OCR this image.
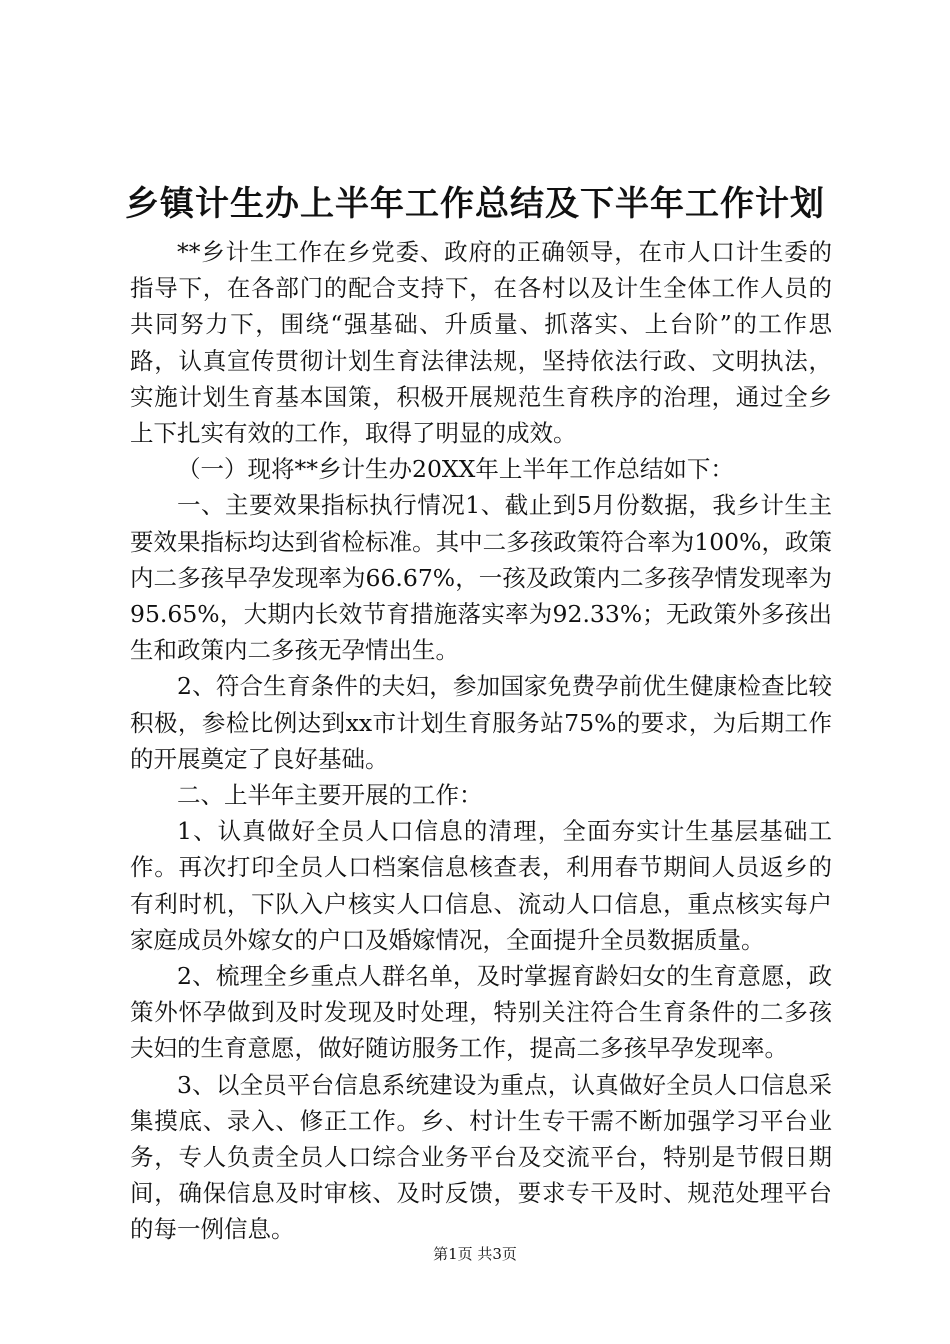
乡镇计生办上半年工作总结及下半年工作计划

**乡计生工作在乡党委、政府的正确领导，在市人口计生委的指导下，在各部门的配合支持下，在各村以及计生全体工作人员的共同努力下，围绕“强基础、升质量、抓落实、上台阶”的工作思路，认真宣传贯彻计划生育法律法规，坚持依法行政、文明执法，实施计划生育基本国策，积极开展规范生育秩序的治理，通过全乡上下扎实有效的工作，取得了明显的成效。

（一）现将**乡计生办20XX年上半年工作总结如下：

一、主要效果指标执行情况1、截止到5月份数据，我乡计生主要效果指标均达到省检标准。其中二多孩政策符合率为100%，政策内二多孩早孕发现率为66.67%，一孩及政策内二多孩孕情发现率为95.65%，大期内长效节育措施落实率为92.33%；无政策外多孩出生和政策内二多孩无孕情出生。

2、符合生育条件的夫妇，参加国家免费孕前优生健康检查比较积极，参检比例达到xx市计划生育服务站75%的要求，为后期工作的开展奠定了良好基础。

二、上半年主要开展的工作：

1、认真做好全员人口信息的清理，全面夯实计生基层基础工作。再次打印全员人口档案信息核查表，利用春节期间人员返乡的有利时机，下队入户核实人口信息、流动人口信息，重点核实每户家庭成员外嫁女的户口及婚嫁情况，全面提升全员数据质量。

2、梳理全乡重点人群名单，及时掌握育龄妇女的生育意愿，政策外怀孕做到及时发现及时处理，特别关注符合生育条件的二多孩夫妇的生育意愿，做好随访服务工作，提高二多孩早孕发现率。

3、以全员平台信息系统建设为重点，认真做好全员人口信息采集摸底、录入、修正工作。乡、村计生专干需不断加强学习平台业务，专人负责全员人口综合业务平台及交流平台，特别是节假日期间，确保信息及时审核、及时反馈，要求专干及时、规范处理平台的每一例信息。

第1页 共3页
